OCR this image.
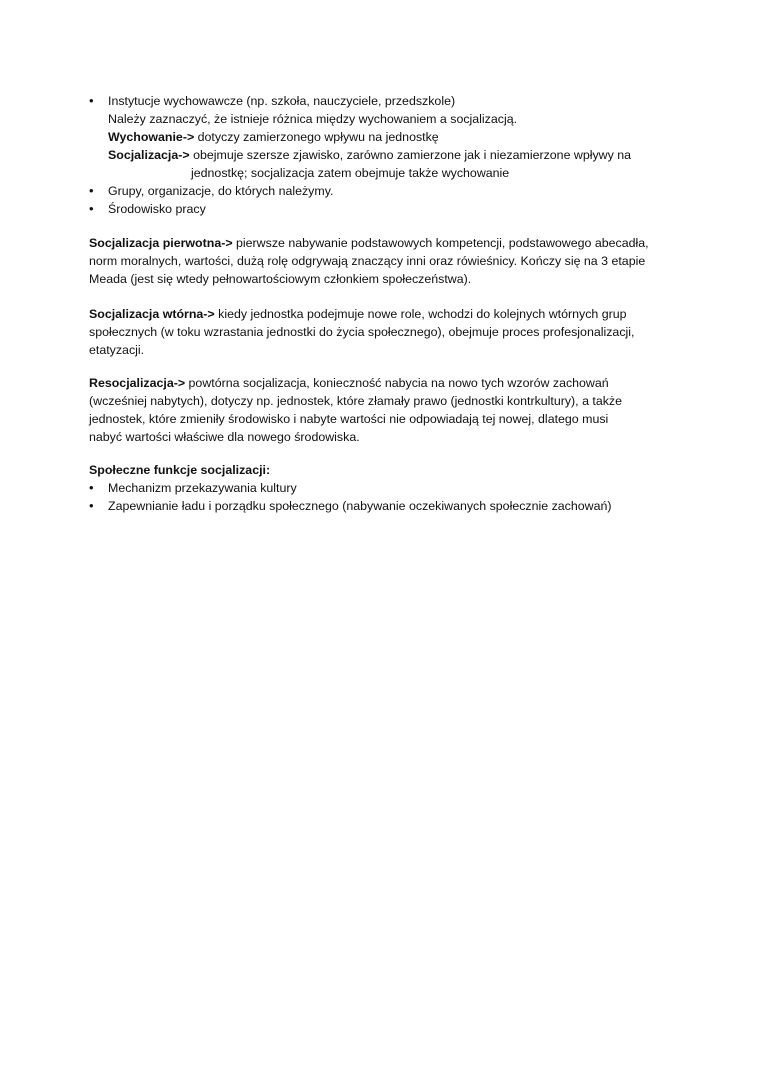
• Instytucje wychowawcze (np. szkoła, nauczyciele, przedszkole)
Należy zaznaczyć, że istnieje różnica między wychowaniem a socjalizacją.
Wychowanie-> dotyczy zamierzonego wpływu na jednostkę
Socjalizacja-> obejmuje szersze zjawisko, zarówno zamierzone jak i niezamierzone wpływy na
jednostkę; socjalizacja zatem obejmuje także wychowanie
• Grupy, organizacje, do których należymy.
• Środowisko pracy
Socjalizacja pierwotna-> pierwsze nabywanie podstawowych kompetencji, podstawowego abecadła,
norm moralnych, wartości, dużą rolę odgrywają znaczący inni oraz rówieśnicy. Kończy się na 3 etapie
Meada (jest się wtedy pełnowartościowym członkiem społeczeństwa).
Socjalizacja wtórna-> kiedy jednostka podejmuje nowe role, wchodzi do kolejnych wtórnych grup
społecznych (w toku wzrastania jednostki do życia społecznego), obejmuje proces profesjonalizacji,
etatyzacji.
Resocjalizacja-> powtórna socjalizacja, konieczność nabycia na nowo tych wzorów zachowań
(wcześniej nabytych), dotyczy np. jednostek, które złamały prawo (jednostki kontrkultury), a także
jednostek, które zmieniły środowisko i nabyte wartości nie odpowiadają tej nowej, dlatego musi
nabyć wartości właściwe dla nowego środowiska.
Społeczne funkcje socjalizacji:
• Mechanizm przekazywania kultury
• Zapewnianie ładu i porządku społecznego (nabywanie oczekiwanych społecznie zachowań)
